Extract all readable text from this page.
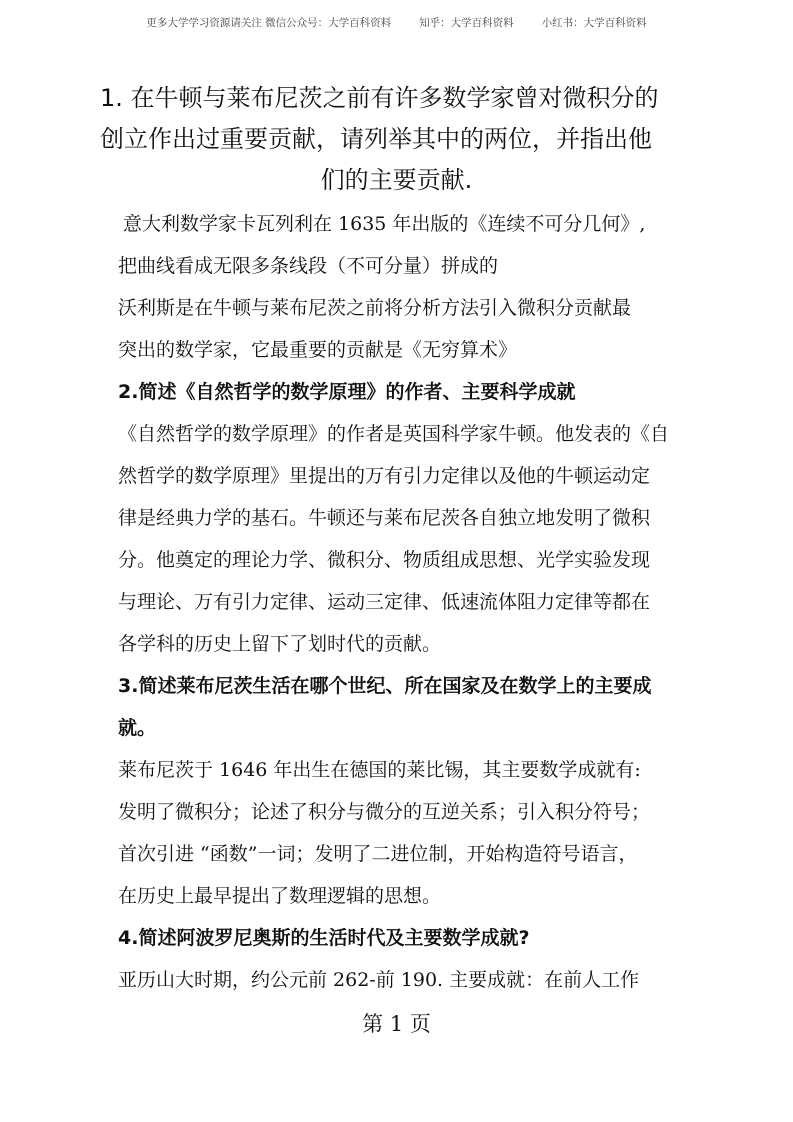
更多大学学习资源请关注 微信公众号：大学百科资料	知乎：大学百科资料	小红书：大学百科资料
1. 在牛顿与莱布尼茨之前有许多数学家曾对微积分的
创立作出过重要贡献，请列举其中的两位，并指出他
们的主要贡献.
意大利数学家卡瓦列利在 1635 年出版的《连续不可分几何》,
把曲线看成无限多条线段（不可分量）拼成的
沃利斯是在牛顿与莱布尼茨之前将分析方法引入微积分贡献最
突出的数学家，它最重要的贡献是《无穷算术》
2.简述《自然哲学的数学原理》的作者、主要科学成就
《自然哲学的数学原理》的作者是英国科学家牛顿。他发表的《自
然哲学的数学原理》里提出的万有引力定律以及他的牛顿运动定
律是经典力学的基石。牛顿还与莱布尼茨各自独立地发明了微积
分。他奠定的理论力学、微积分、物质组成思想、光学实验发现
与理论、万有引力定律、运动三定律、低速流体阻力定律等都在
各学科的历史上留下了划时代的贡献。
3.简述莱布尼茨生活在哪个世纪、所在国家及在数学上的主要成
就。
莱布尼茨于 1646 年出生在德国的莱比锡，其主要数学成就有:
发明了微积分；论述了积分与微分的互逆关系；引入积分符号；
首次引进 “函数”一词；发明了二进位制，开始构造符号语言，
在历史上最早提出了数理逻辑的思想。
4.简述阿波罗尼奥斯的生活时代及主要数学成就?
亚历山大时期，约公元前 262-前 190. 主要成就：在前人工作
第 1 页
